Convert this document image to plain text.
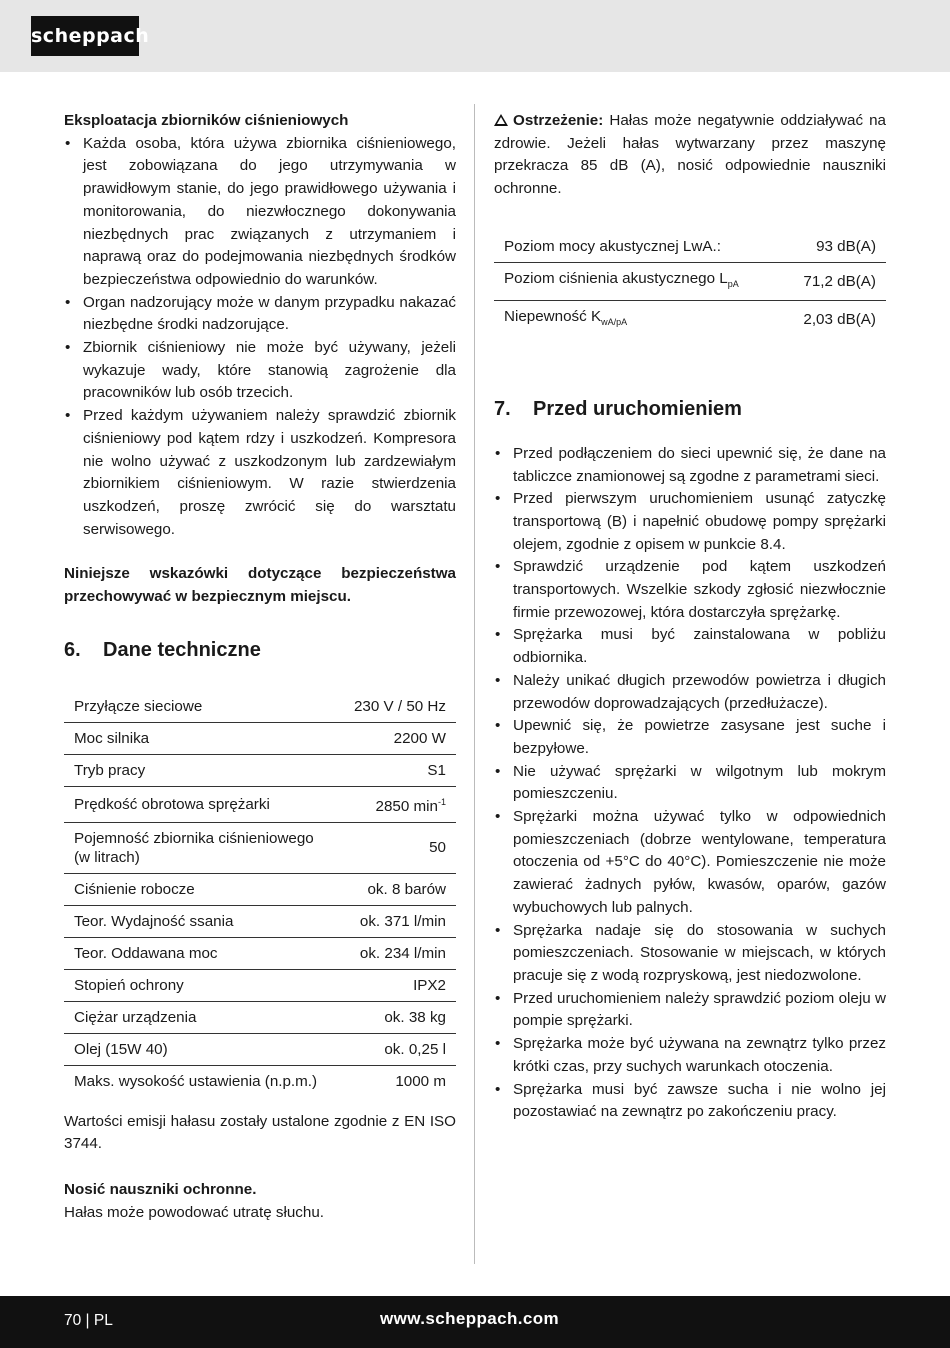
scheppach
Eksploatacja zbiorników ciśnieniowych
• Każda osoba, która używa zbiornika ciśnieniowego, jest zobowiązana do jego utrzymywania w prawidłowym stanie, do jego prawidłowego używania i monitorowania, do niezwłocznego dokonywania niezbędnych prac związanych z utrzymaniem i naprawą oraz do podejmowania niezbędnych środków bezpieczeństwa odpowiednio do warunków.
• Organ nadzorujący może w danym przypadku nakazać niezbędne środki nadzorujące.
• Zbiornik ciśnieniowy nie może być używany, jeżeli wykazuje wady, które stanowią zagrożenie dla pracowników lub osób trzecich.
• Przed każdym używaniem należy sprawdzić zbiornik ciśnieniowy pod kątem rdzy i uszkodzeń. Kompresora nie wolno używać z uszkodzonym lub zardzewiałym zbiornikiem ciśnieniowym. W razie stwierdzenia uszkodzeń, proszę zwrócić się do warsztatu serwisowego.

Niniejsze wskazówki dotyczące bezpieczeństwa przechowywać w bezpiecznym miejscu.

6. Dane techniczne
Przyłącze sieciowe	230 V / 50 Hz
Moc silnika	2200 W
Tryb pracy	S1
Prędkość obrotowa sprężarki	2850 $\min^{-1}$
Pojemność zbiornika ciśnieniowego (w litrach)	50
Ciśnienie robocze	ok. 8 barów
Teor. Wydajność ssania	ok. 371 l/min
Teor. Oddawana moc	ok. 234 l/min
Stopień ochrony	IPX2
Ciężar urządzenia	ok. 38 kg
Olej (15W 40)	ok. 0,25 l
Maks. wysokość ustawienia (n.p.m.)	1000 m

Wartości emisji hałasu zostały ustalone zgodnie z EN ISO 3744.

Nosić nauszniki ochronne.
Hałas może powodować utratę słuchu.

Ostrzeżenie: Hałas może negatywnie oddziaływać na zdrowie. Jeżeli hałas wytwarzany przez maszynę przekracza 85 dB (A), nosić odpowiednie nauszniki ochronne.

Poziom mocy akustycznej LwA.:	93 dB(A)
Poziom ciśnienia akustycznego $L_{pA}$	71,2 dB(A)
Niepewność $K_{wA/pA}$	2,03 dB(A)
7. Przed uruchomieniem
• Przed podłączeniem do sieci upewnić się, że dane na tabliczce znamionowej są zgodne z parametrami sieci.
• Przed pierwszym uruchomieniem usunąć zatyczkę transportową (B) i napełnić obudowę pompy sprężarki olejem, zgodnie z opisem w punkcie 8.4.
• Sprawdzić urządzenie pod kątem uszkodzeń transportowych. Wszelkie szkody zgłosić niezwłocznie firmie przewozowej, która dostarczyła sprężarkę.
• Sprężarka musi być zainstalowana w pobliżu odbiornika.
• Należy unikać długich przewodów powietrza i długich przewodów doprowadzających (przedłużacze).
• Upewnić się, że powietrze zasysane jest suche i bezpyłowe.
• Nie używać sprężarki w wilgotnym lub mokrym pomieszczeniu.
• Sprężarki można używać tylko w odpowiednich pomieszczeniach (dobrze wentylowane, temperatura otoczenia od +5°C do 40°C). Pomieszczenie nie może zawierać żadnych pyłów, kwasów, oparów, gazów wybuchowych lub palnych.
• Sprężarka nadaje się do stosowania w suchych pomieszczeniach. Stosowanie w miejscach, w których pracuje się z wodą rozpryskową, jest niedozwolone.
• Przed uruchomieniem należy sprawdzić poziom oleju w pompie sprężarki.
• Sprężarka może być używana na zewnątrz tylko przez krótki czas, przy suchych warunkach otoczenia.
• Sprężarka musi być zawsze sucha i nie wolno jej pozostawiać na zewnątrz po zakończeniu pracy.
70 | PL	www.scheppach.com
